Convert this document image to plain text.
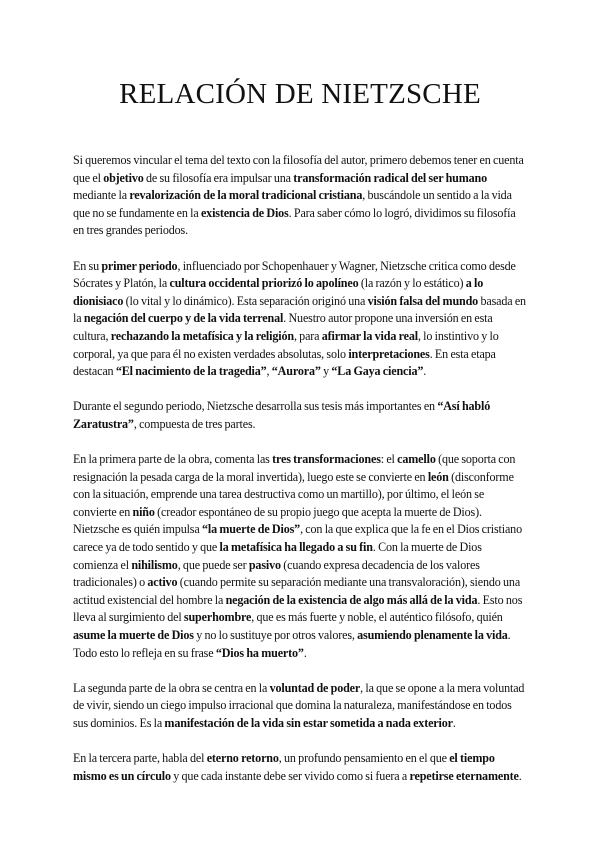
RELACIÓN DE NIETZSCHE

Si queremos vincular el tema del texto con la filosofía del autor, primero debemos tener en cuenta que el objetivo de su filosofía era impulsar una transformación radical del ser humano mediante la revalorización de la moral tradicional cristiana, buscándole un sentido a la vida que no se fundamente en la existencia de Dios. Para saber cómo lo logró, dividimos su filosofía en tres grandes periodos.

En su primer periodo, influenciado por Schopenhauer y Wagner, Nietzsche critica como desde Sócrates y Platón, la cultura occidental priorizó lo apolíneo (la razón y lo estático) a lo dionisiaco (lo vital y lo dinámico). Esta separación originó una visión falsa del mundo basada en la negación del cuerpo y de la vida terrenal. Nuestro autor propone una inversión en esta cultura, rechazando la metafísica y la religión, para afirmar la vida real, lo instintivo y lo corporal, ya que para él no existen verdades absolutas, solo interpretaciones. En esta etapa destacan “El nacimiento de la tragedia”, “Aurora” y “La Gaya ciencia”.

Durante el segundo periodo, Nietzsche desarrolla sus tesis más importantes en “Así habló Zaratustra”, compuesta de tres partes.

En la primera parte de la obra, comenta las tres transformaciones: el camello (que soporta con resignación la pesada carga de la moral invertida), luego este se convierte en león (disconforme con la situación, emprende una tarea destructiva como un martillo), por último, el león se convierte en niño (creador espontáneo de su propio juego que acepta la muerte de Dios). Nietzsche es quién impulsa “la muerte de Dios”, con la que explica que la fe en el Dios cristiano carece ya de todo sentido y que la metafísica ha llegado a su fin. Con la muerte de Dios comienza el nihilismo, que puede ser pasivo (cuando expresa decadencia de los valores tradicionales) o activo (cuando permite su separación mediante una transvaloración), siendo una actitud existencial del hombre la negación de la existencia de algo más allá de la vida. Esto nos lleva al surgimiento del superhombre, que es más fuerte y noble, el auténtico filósofo, quién asume la muerte de Dios y no lo sustituye por otros valores, asumiendo plenamente la vida. Todo esto lo refleja en su frase “Dios ha muerto”.

La segunda parte de la obra se centra en la voluntad de poder, la que se opone a la mera voluntad de vivir, siendo un ciego impulso irracional que domina la naturaleza, manifestándose en todos sus dominios. Es la manifestación de la vida sin estar sometida a nada exterior.

En la tercera parte, habla del eterno retorno, un profundo pensamiento en el que el tiempo mismo es un círculo y que cada instante debe ser vivido como si fuera a repetirse eternamente.
